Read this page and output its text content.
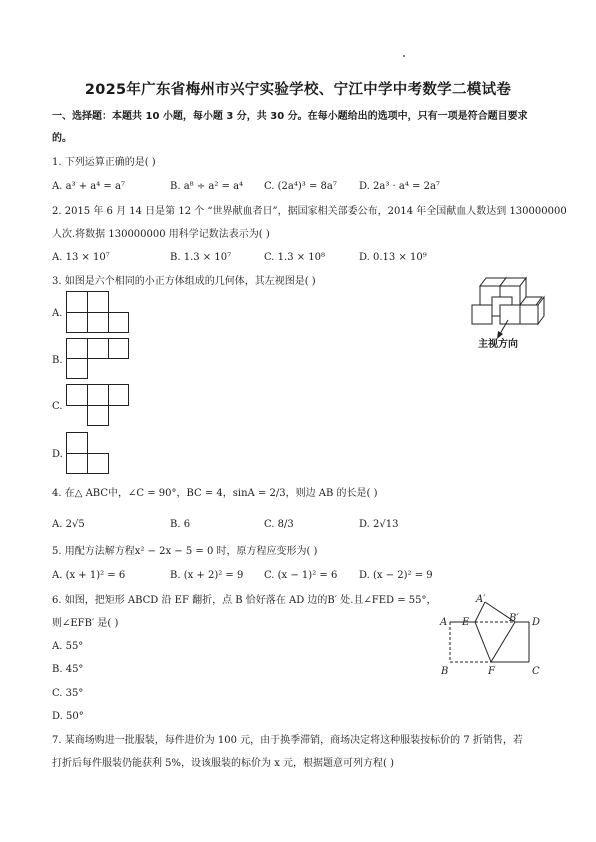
2025年广东省梅州市兴宁实验学校、宁江中学中考数学二模试卷
一、选择题：本题共 10 小题，每小题 3 分，共 30 分。在每小题给出的选项中，只有一项是符合题目要求
的。
1. 下列运算正确的是( )
A. a³ + a⁴ = a⁷	B. a⁸ ÷ a² = a⁴ C. (2a⁴)³ = 8a⁷ D. 2a³ · a⁴ = 2a⁷
2. 2015 年 6 月 14 日是第 12 个 “世界献血者日”，据国家相关部委公布，2014 年全国献血人数达到 130000000
人次.将数据 130000000 用科学记数法表示为( )
A. 13 × 10⁷	B. 1.3 × 10⁷	C. 1.3 × 10⁸	D. 0.13 × 10⁹
3. 如图是六个相同的小正方体组成的几何体，其左视图是( )
A.
B.
C.
D.
主视方向
4. 在△ ABC中，∠C = 90°，BC = 4，sinA = 2/3，则边 AB 的长是( )
A. 2√5	B. 6	C. 8/3	D. 2√13
5. 用配方法解方程x² − 2x − 5 = 0 时，原方程应变形为( )
A. (x + 1)² = 6	B. (x + 2)² = 9 C. (x − 1)² = 6 D. (x − 2)² = 9
6. 如图，把矩形 ABCD 沿 EF 翻折，点 B 恰好落在 AD 边的B′ 处.且∠FED = 55°，
则∠EFB′ 是( )
A. 55°
B. 45°
C. 35°
D. 50°
A E
A′
B′ D
B	F	C
7. 某商场购进一批服装，每件进价为 100 元，由于换季滞销，商场决定将这种服装按标价的 7 折销售，若
打折后每件服装仍能获利 5%，设该服装的标价为 x 元，根据题意可列方程( )
